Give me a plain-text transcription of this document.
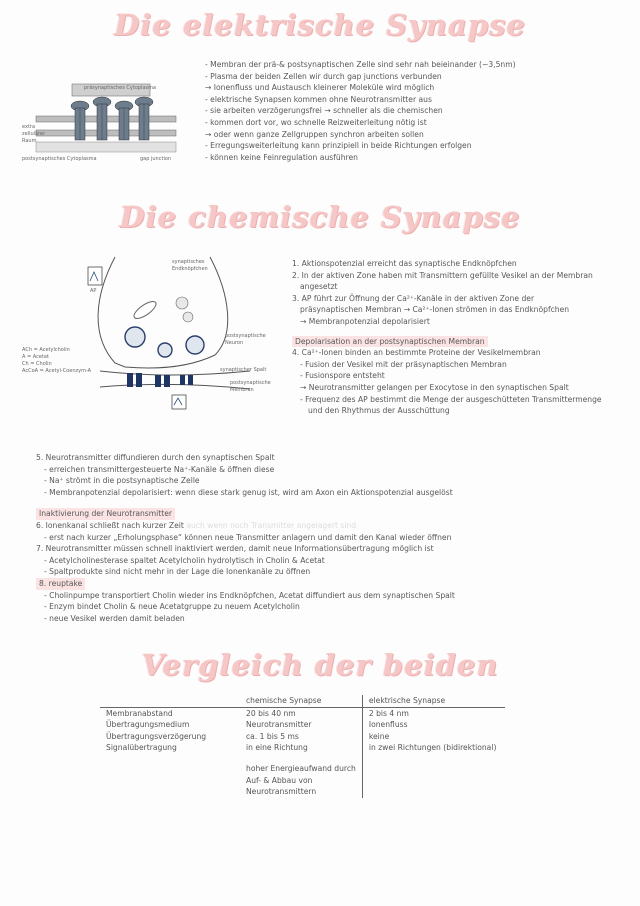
Die elektrische Synapse
präsynaptisches Cytoplasma
extra
zellulärer
Raum
postsynaptisches Cytoplasma	gap junction
- Membran der prä-& postsynaptischen Zelle sind sehr nah beieinander (~3,5nm)
- Plasma der beiden Zellen wir durch gap junctions verbunden
→ Ionenfluss und Austausch kleinerer Moleküle wird möglich
- elektrische Synapsen kommen ohne Neurotransmitter aus
- sie arbeiten verzögerungsfrei → schneller als die chemischen
- kommen dort vor, wo schnelle Reizweiterleitung nötig ist
→ oder wenn ganze Zellgruppen synchron arbeiten sollen
- Erregungsweiterleitung kann prinzipiell in beide Richtungen erfolgen
- können keine Feinregulation ausführen
Die chemische Synapse
synaptisches
Endknöpfchen
AP
postsynaptische
Neuron
ACh = Acetylcholin
A = Acetat
Ch = Cholin
AcCoA = Acetyl-Coenzym-A	synaptischer Spalt
postsynaptische
Membran
1. Aktionspotenzial erreicht das synaptische Endknöpfchen
2. In der aktiven Zone haben mit Transmittern gefüllte Vesikel an der Membran
angesetzt
3. AP führt zur Öffnung der Ca²⁺-Kanäle in der aktiven Zone der
präsynaptischen Membran → Ca²⁺-Ionen strömen in das Endknöpfchen
→ Membranpotenzial depolarisiert
Depolarisation an der postsynaptischen Membran
4. Ca²⁺-Ionen binden an bestimmte Proteine der Vesikelmembran
- Fusion der Vesikel mit der präsynaptischen Membran
- Fusionspore entsteht
→ Neurotransmitter gelangen per Exocytose in den synaptischen Spalt
- Frequenz des AP bestimmt die Menge der ausgeschütteten Transmittermenge
und den Rhythmus der Ausschüttung
5. Neurotransmitter diffundieren durch den synaptischen Spalt
- erreichen transmittergesteuerte Na⁺-Kanäle & öffnen diese
- Na⁺ strömt in die postsynaptische Zelle
- Membranpotenzial depolarisiert: wenn diese stark genug ist, wird am Axon ein Aktionspotenzial ausgelöst
Inaktivierung der Neurotransmitter
6. Ionenkanal schließt nach kurzer Zeit auch wenn noch Transmitter angelagert sind
- erst nach kurzer „Erholungsphase“ können neue Transmitter anlagern und damit den Kanal wieder öffnen
7. Neurotransmitter müssen schnell inaktiviert werden, damit neue Informationsübertragung möglich ist
- Acetylcholinesterase spaltet Acetylcholin hydrolytisch in Cholin & Acetat
- Spaltprodukte sind nicht mehr in der Lage die Ionenkanäle zu öffnen
8. reuptake
- Cholinpumpe transportiert Cholin wieder ins Endknöpfchen, Acetat diffundiert aus dem synaptischen Spalt
- Enzym bindet Cholin & neue Acetatgruppe zu neuem Acetylcholin
- neue Vesikel werden damit beladen
Vergleich der beiden
	chemische Synapse	elektrische Synapse
Membranabstand	20 bis 40 nm	2 bis 4 nm
Übertragungsmedium	Neurotransmitter	Ionenfluss
Übertragungsverzögerung	ca. 1 bis 5 ms	keine
Signalübertragung	in eine Richtung	in zwei Richtungen (bidirektional)

	hoher Energieaufwand durch	
	Auf- & Abbau von	
	Neurotransmittern	
